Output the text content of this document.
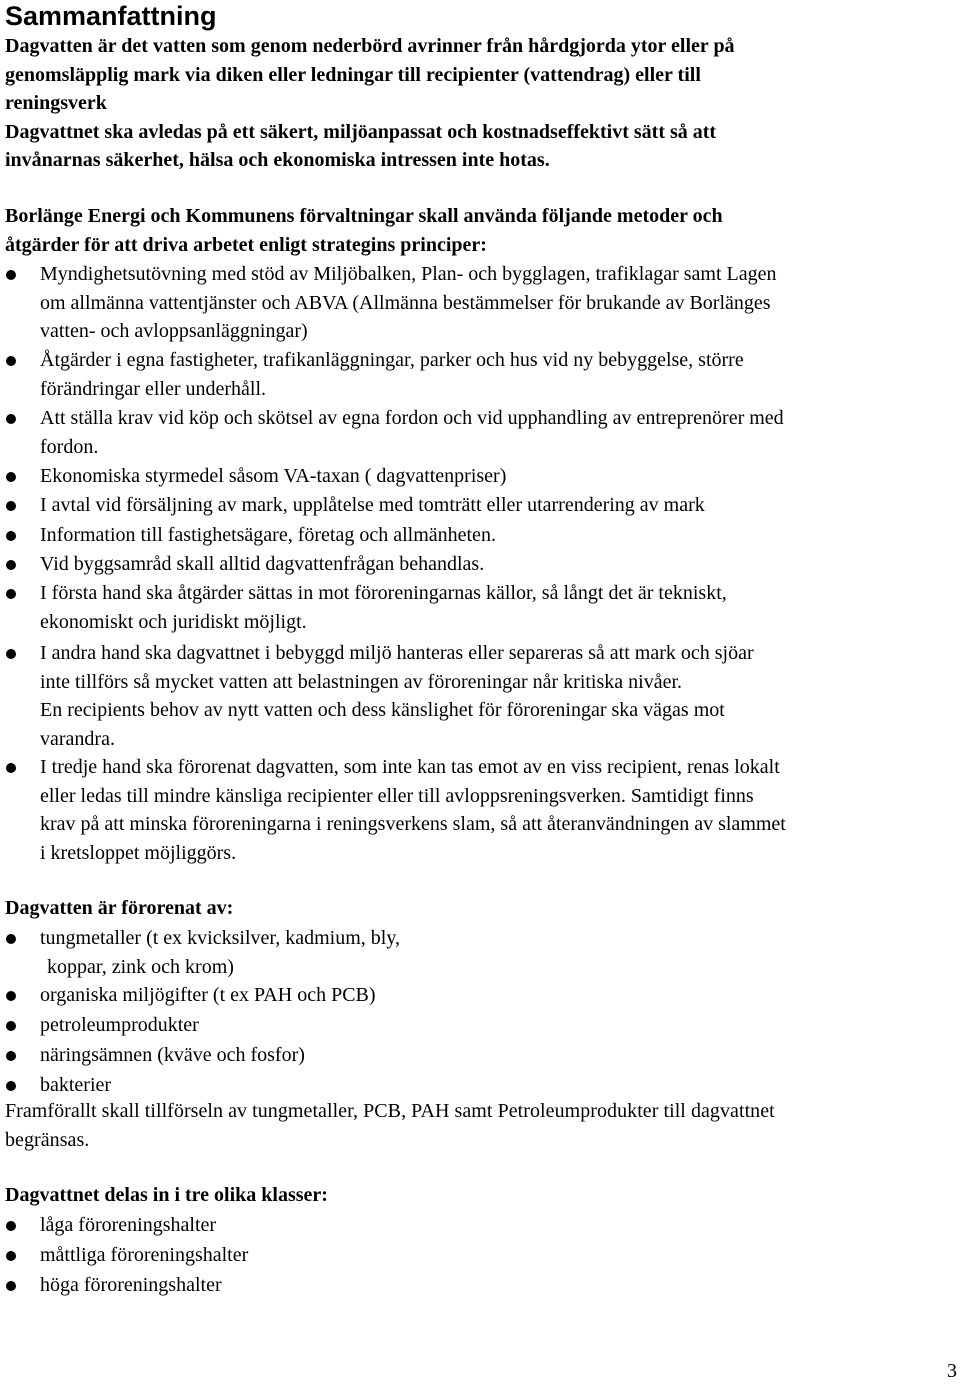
Sammanfattning
Dagvatten är det vatten som genom nederbörd avrinner från hårdgjorda ytor eller på
genomsläpplig mark via diken eller ledningar till recipienter (vattendrag) eller till
reningsverk
Dagvattnet ska avledas på ett säkert, miljöanpassat och kostnadseffektivt sätt så att
invånarnas säkerhet, hälsa och ekonomiska intressen inte hotas.
Borlänge Energi och Kommunens förvaltningar skall använda följande metoder och
åtgärder för att driva arbetet enligt strategins principer:
Myndighetsutövning med stöd av Miljöbalken, Plan- och bygglagen, trafiklagar samt Lagen
om allmänna vattentjänster och ABVA (Allmänna bestämmelser för brukande av Borlänges
vatten- och avloppsanläggningar)
Åtgärder i egna fastigheter, trafikanläggningar, parker och hus vid ny bebyggelse, större
förändringar eller underhåll.
Att ställa krav vid köp och skötsel av egna fordon och vid upphandling av entreprenörer med
fordon.
Ekonomiska styrmedel såsom VA-taxan ( dagvattenpriser)
I avtal vid försäljning av mark, upplåtelse med tomträtt eller utarrendering av mark
Information till fastighetsägare, företag och allmänheten.
Vid byggsamråd skall alltid dagvattenfrågan behandlas.
I första hand ska åtgärder sättas in mot föroreningarnas källor, så långt det är tekniskt,
ekonomiskt och juridiskt möjligt.
I andra hand ska dagvattnet i bebyggd miljö hanteras eller separeras så att mark och sjöar
inte tillförs så mycket vatten att belastningen av föroreningar når kritiska nivåer.
En recipients behov av nytt vatten och dess känslighet för föroreningar ska vägas mot
varandra.
I tredje hand ska förorenat dagvatten, som inte kan tas emot av en viss recipient, renas lokalt
eller ledas till mindre känsliga recipienter eller till avloppsreningsverken. Samtidigt finns
krav på att minska föroreningarna i reningsverkens slam, så att återanvändningen av slammet
i kretsloppet möjliggörs.
Dagvatten är förorenat av:
tungmetaller (t ex kvicksilver, kadmium, bly,
koppar, zink och krom)
organiska miljögifter (t ex PAH och PCB)
petroleumprodukter
näringsämnen (kväve och fosfor)
bakterier
Framförallt skall tillförseln av tungmetaller, PCB, PAH samt Petroleumprodukter till dagvattnet
begränsas.
Dagvattnet delas in i tre olika klasser:
låga föroreningshalter
måttliga föroreningshalter
höga föroreningshalter
3
